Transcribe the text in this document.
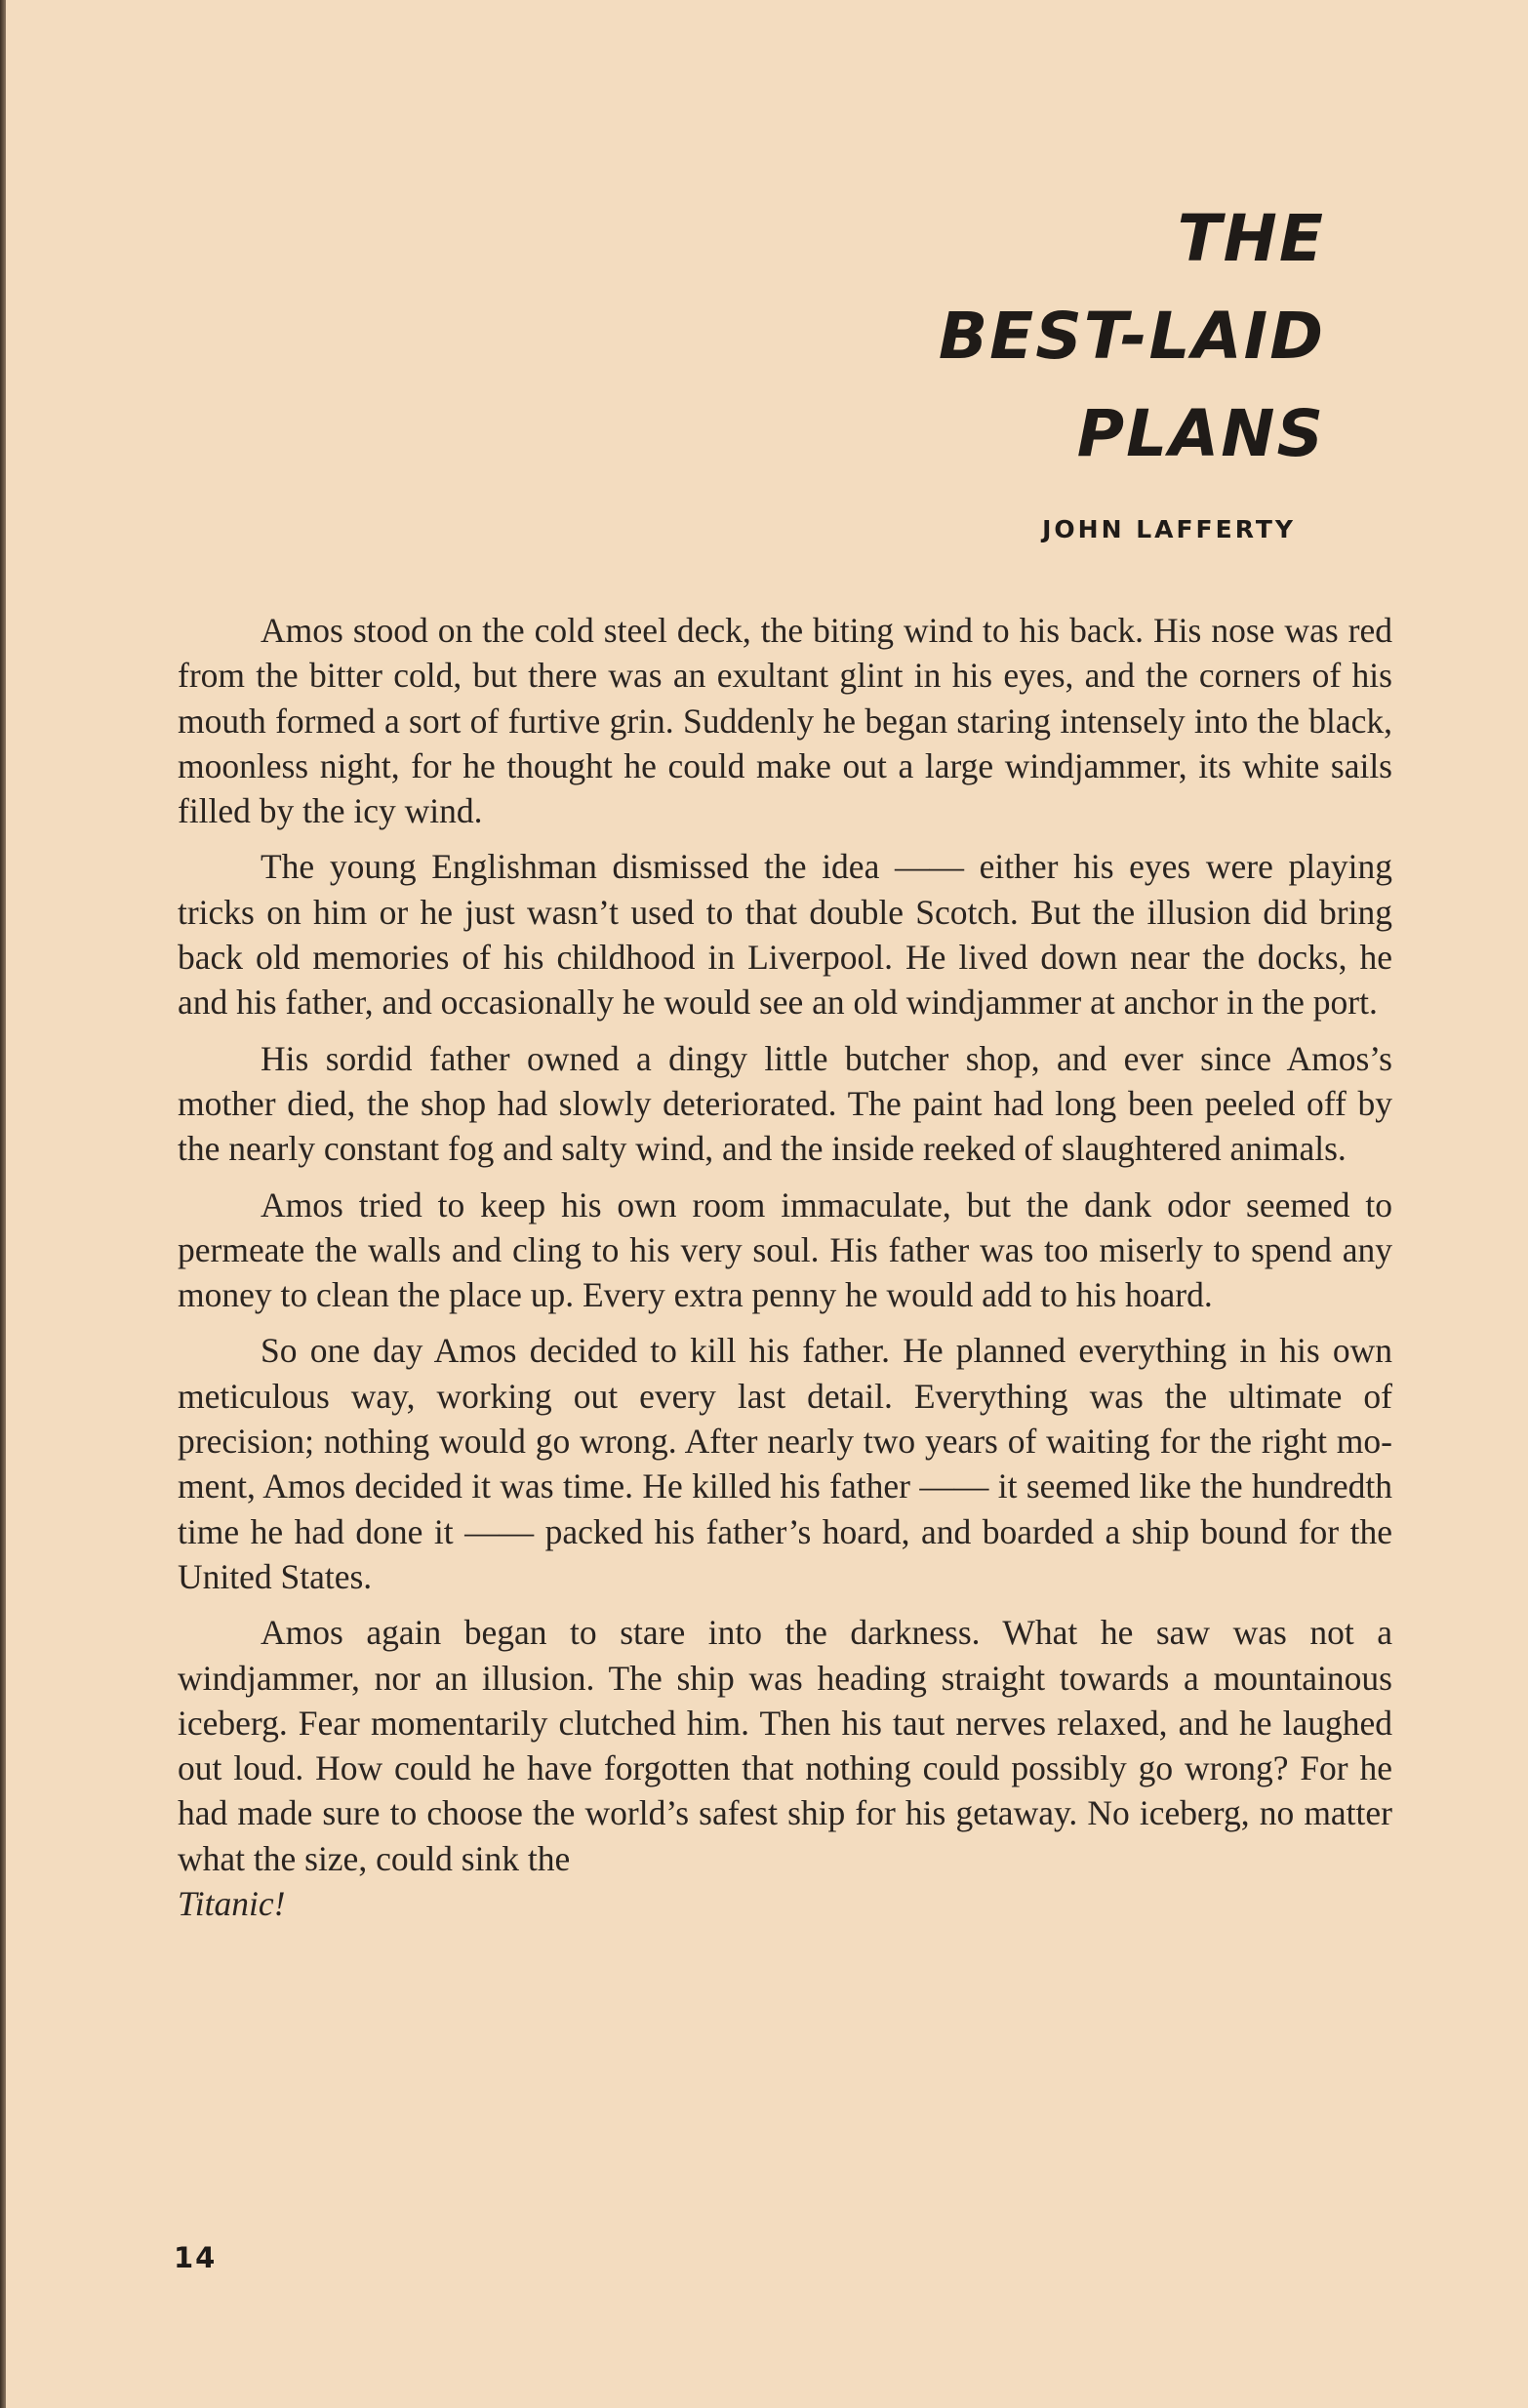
THE
BEST-LAID
PLANS
JOHN LAFFERTY

Amos stood on the cold steel deck, the biting wind to his back. His nose was red from the bitter cold, but there was an exultant glint in his eyes, and the corners of his mouth formed a sort of furtive grin. Suddenly he began staring intensely into the black, moonless night, for he thought he could make out a large windjammer, its white sails filled by the icy wind.

The young Englishman dismissed the idea —— either his eyes were playing tricks on him or he just wasn’t used to that double Scotch. But the illusion did bring back old memories of his childhood in Liverpool. He lived down near the docks, he and his father, and occasionally he would see an old windjammer at anchor in the port.

His sordid father owned a dingy little butcher shop, and ever since Amos’s mother died, the shop had slowly deteriorated. The paint had long been peeled off by the nearly constant fog and salty wind, and the inside reeked of slaughtered animals.

Amos tried to keep his own room immaculate, but the dank odor seemed to permeate the walls and cling to his very soul. His father was too miserly to spend any money to clean the place up. Every extra penny he would add to his hoard.

So one day Amos decided to kill his father. He planned everything in his own meticulous way, working out every last detail. Everything was the ultimate of precision; nothing would go wrong. After nearly two years of waiting for the right moment, Amos decided it was time. He killed his father —— it seemed like the hundredth time he had done it —— packed his father’s hoard, and boarded a ship bound for the United States.

Amos again began to stare into the darkness. What he saw was not a windjammer, nor an illusion. The ship was heading straight towards a mountainous iceberg. Fear momentarily clutched him. Then his taut nerves relaxed, and he laughed out loud. How could he have forgotten that nothing could possibly go wrong? For he had made sure to choose the world’s safest ship for his getaway. No iceberg, no matter what the size, could sink the
Titanic!

14
